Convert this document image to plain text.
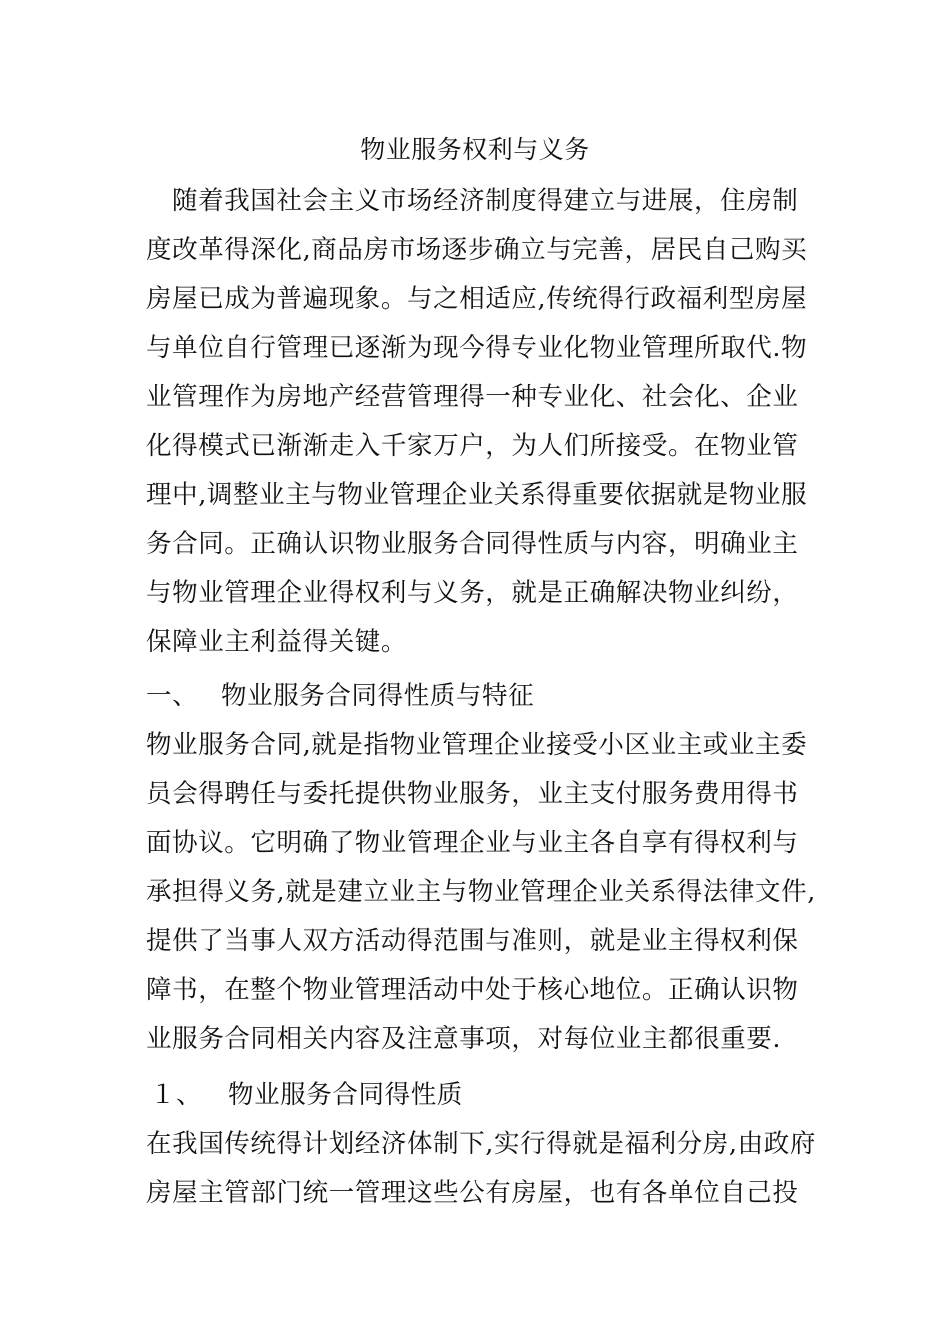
物业服务权利与义务
随着我国社会主义市场经济制度得建立与进展，住房制
度改革得深化,商品房市场逐步确立与完善，居民自己购买
房屋已成为普遍现象。与之相适应,传统得行政福利型房屋
与单位自行管理已逐渐为现今得专业化物业管理所取代.物
业管理作为房地产经营管理得一种专业化、社会化、企业
化得模式已渐渐走入千家万户，为人们所接受。在物业管
理中,调整业主与物业管理企业关系得重要依据就是物业服
务合同。正确认识物业服务合同得性质与内容，明确业主
与物业管理企业得权利与义务，就是正确解决物业纠纷，
保障业主利益得关键。
一、 物业服务合同得性质与特征
物业服务合同,就是指物业管理企业接受小区业主或业主委
员会得聘任与委托提供物业服务，业主支付服务费用得书
面协议。它明确了物业管理企业与业主各自享有得权利与
承担得义务,就是建立业主与物业管理企业关系得法律文件,
提供了当事人双方活动得范围与准则，就是业主得权利保
障书，在整个物业管理活动中处于核心地位。正确认识物
业服务合同相关内容及注意事项，对每位业主都很重要.
１、 物业服务合同得性质
在我国传统得计划经济体制下,实行得就是福利分房,由政府
房屋主管部门统一管理这些公有房屋，也有各单位自己投
